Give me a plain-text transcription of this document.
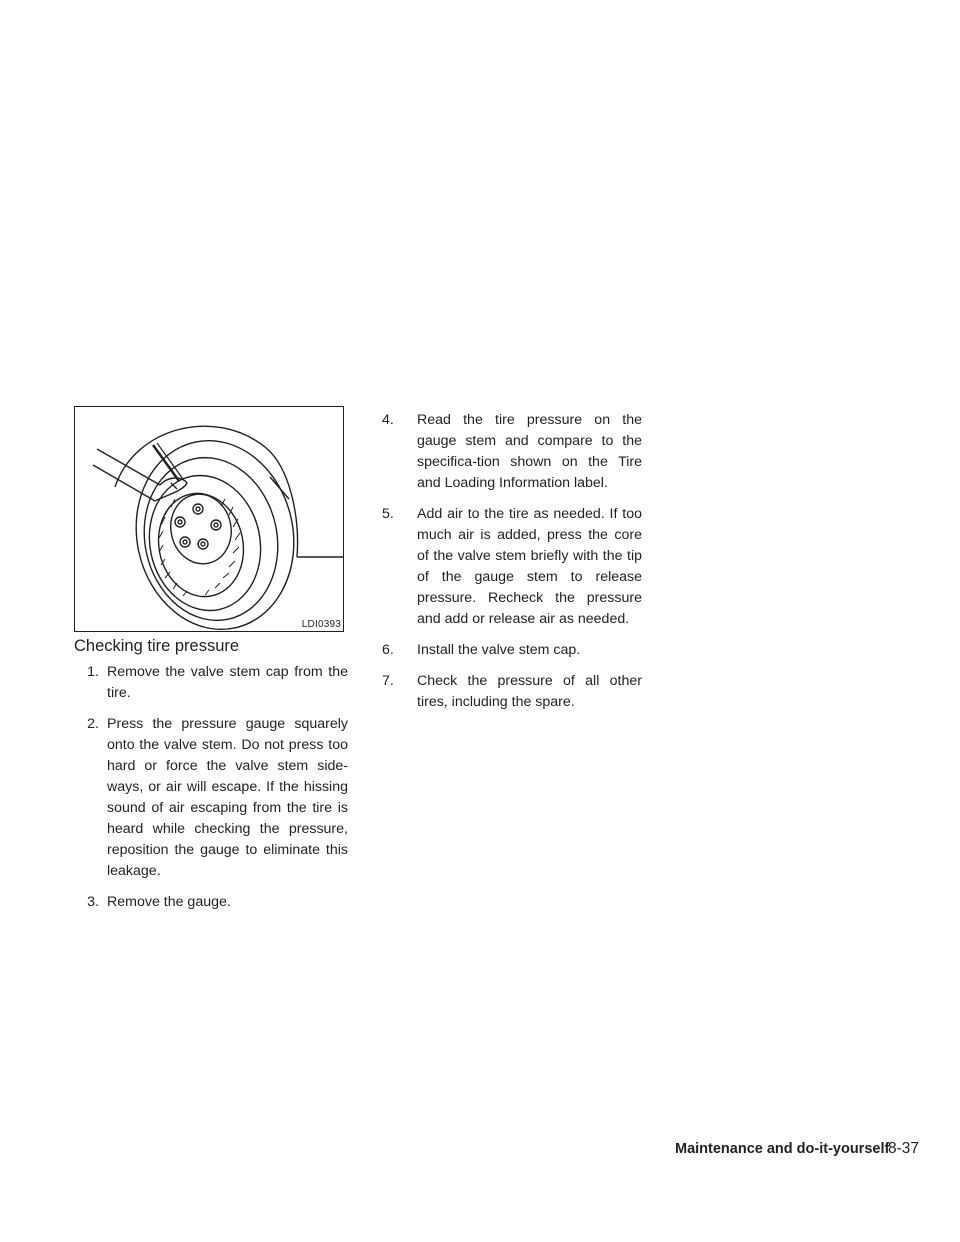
LDI0393
Checking tire pressure
1. Remove the valve stem cap from the tire.
2. Press the pressure gauge squarely onto the valve stem. Do not press too hard or force the valve stem side-ways, or air will escape. If the hissing sound of air escaping from the tire is heard while checking the pressure, reposition the gauge to eliminate this leakage.
3. Remove the gauge.
4.	Read the tire pressure on the gauge stem and compare to the specifica-tion shown on the Tire and Loading Information label.
5.	Add air to the tire as needed. If too much air is added, press the core of the valve stem briefly with the tip of the gauge stem to release pressure. Recheck the pressure and add or release air as needed.
6.	Install the valve stem cap.
7.	Check the pressure of all other tires, including the spare.
Maintenance and do-it-yourself
8-37
